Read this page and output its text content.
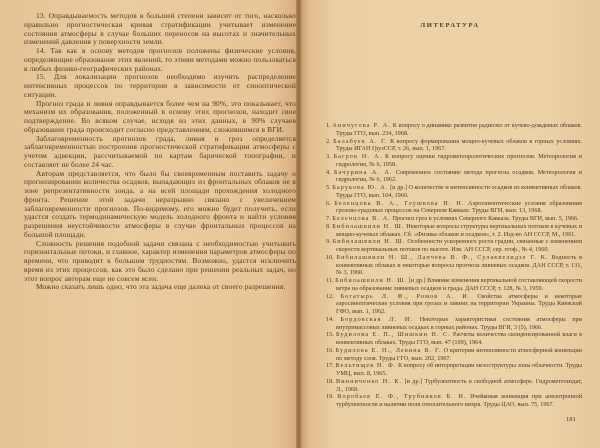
13. Оправдываемость методов в большей степени зависит от того, насколько правильно прогностическая кривая стратификации учитывает изменение состояния атмосферы в случае больших переносов на высотах и значительных изменений давления у поверхности земли.

14. Так как в основу методов прогнозов положены физические условия, определяющие образование этих явлений, то этими методами можно пользоваться в любых физико-географических районах.

15. Для локализации прогнозов необходимо изучить распределение интенсивных процессов по территории в зависимости от синоптической ситуации.

Прогноз града и ливня оправдывается более чем на 90%, это показывает, что механизм их образования, положенный в основу этих прогнозов, находит свое подтверждение. Во всяком случае, исходя из этих данных, в 90% случаев образование града происходит согласно представлениям, сложившимся в ВГИ.

Заблаговременность прогнозов града, ливня и гроз определяется заблаговременностью построения прогностической стратификации атмосферы с учетом адвекции, рассчитываемой по картам барической топографии, и составляет не более 24 час.

Авторам представляется, что было бы своевременным поставить задачу о прогнозировании количества осадков, выпадающих из фронтальных облаков не в зоне репрезентативности зонда, а на всей площади прохождения холодного фронта. Решение этой задачи неразрывно связано с увеличением заблаговременности прогнозов. По-видимому, его можно будет получить, если удастся создать термодинамическую модель холодного фронта и найти условия разрешения неустойчивости атмосферы в случае фронтальных процессов на большой площади.

Сложность решения подобной задачи связана с необходимостью учитывать горизонтальные потоки, и главное, характер изменения параметров атмосферы по времени, что приводит к большим трудностям. Возможно, удастся исключить время из этих процессов, как это было сделано при решении реальных задач, но этот вопрос авторам еще не совсем ясен.

Можно сказать лишь одно, что эта задача еще далека от своего разрешения.

ЛИТЕРАТУРА
1. Аничугова Р. А. К вопросу о динамике развития радиоэхо от кучево-дождевых облаков. Труды ГГО, вып. 234, 1968.
2. Балабуев А. Г. К вопросу формирования мощно-кучевых облаков в горных условиях. Труды ИГАН ГрузССР, т. 26, вып. 1, 1967.
3. Багров Н. А. К вопросу оценки гидрометеорологических прогнозов. Метеорология и гидрология, № 6, 1958.
4. Бачурина А. А. Современное состояние метода прогноза осадков. Метеорология и гидрология, № 6, 1962.
5. Барукова Ю. А. [и др.] О количестве и интенсивности осадков из конвективных облаков. Труды ГГО, вып. 104, 1960.
6. Беленцова В. А., Глушкова Н. Н. Аэросиноптические условия образования грозово-градовых процессов на Северном Кавказе. Труды ВГИ, вып. 13, 1968.
7. Беленцова В. А. Прогноз гроз в условиях Северного Кавказа. Труды ВГИ, вып. 5, 1966.
8. Бибилашвили Н. Ш. Некоторые вопросы структуры вертикальных потоков в кучевых и мощно-кучевых облаках. Сб. «Физика облаков и осадков», т. 2. Изд-во АН СССР, М., 1961.
9. Бибилашвили Н. Ш. Особенности ускоренного роста градин, связанные с изменением скорости вертикальных потоков по высоте. Изв. АН СССР, сер. геоф., № 4, 1960.
10. Бибилашвили Н. Ш., Лапчева В. Ф., Сулаквелидзе Г. К. Водность в конвективных облаках и некоторые вопросы прогноза ливневых осадков. ДАН СССР, т. 131, № 3, 1960.
11. Бибилашвили Н. Ш. [и др.] Влияние изменения вертикальной составляющей скорости ветра на образование ливневых осадков и града. ДАН СССР, т. 128, № 3, 1959.
12. Богатырь Л. Ф., Ромов А. И. Свойства атмосферы и некоторые аэросиноптические условия при грозах и ливнях на территории Украины. Труды Киевской ГФО, вып. 1, 1962.
14. Бордовская Л. И. Некоторые характеристики состояния атмосферы при внутримассовых ливневых осадках в горных районах. Труды ВГИ, 3 (5), 1966.
15. Будилова Е. П., Шишкин Н. С. Расчеты количества сконденсированной влаги в конвективных облаках. Труды ГГО, вып. 47 (109), 1964.
16. Будилова Е. П., Левина В. Г. О критерии интенсивности атмосферной конвекции по методу слоя. Труды ГГО, вып. 202, 1967.
17. Вельтищев Н. Ф. К вопросу об интерпретации мезоструктуры зоны облачности. Труды УМЦ, вып. 8, 1965.
18. Винниченко Н. К. [и др.] Турбулентность в свободной атмосфере. Гидрометеоиздат, Л., 1968.
19. Воробьев Е. Ф., Трубников Б. Н. Ячейковая конвекция при анизотропной турбулентности и наличии поля относительного вихря. Труды ЦАО, вып. 75, 1967.
181
